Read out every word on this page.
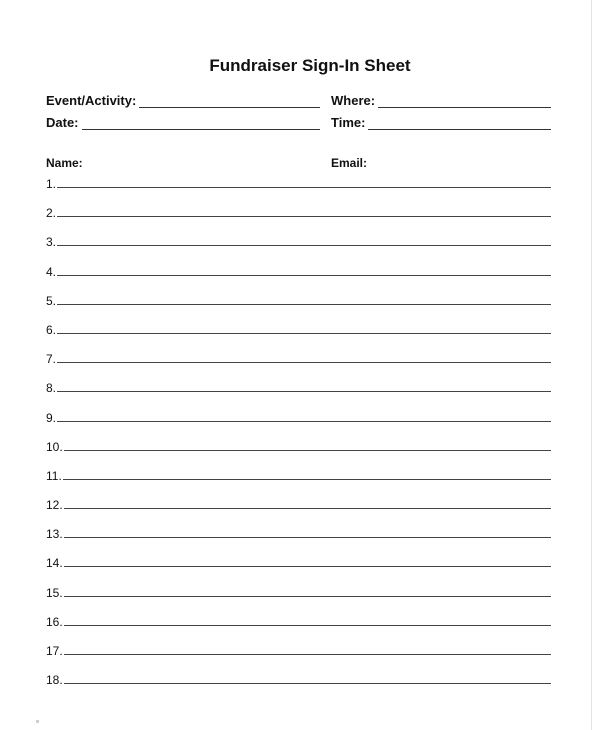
Fundraiser Sign-In Sheet
Event/Activity:	Where:
Date:	Time:
Name:	Email:
1.
2.
3.
4.
5.
6.
7.
8.
9.
10.
11.
12.
13.
14.
15.
16.
17.
18.
